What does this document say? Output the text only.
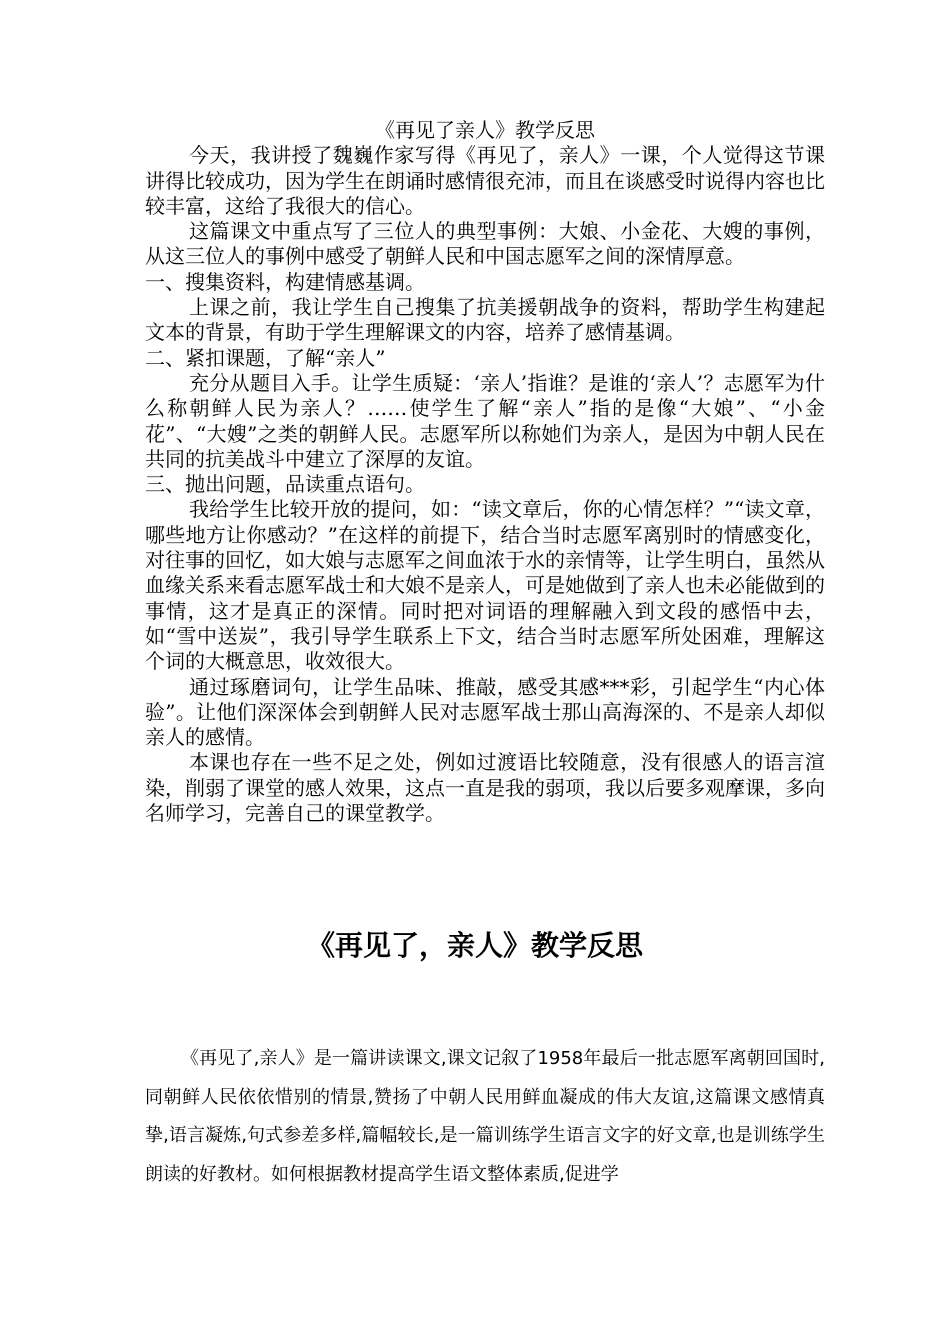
《再见了亲人》教学反思

今天，我讲授了魏巍作家写得《再见了，亲人》一课，个人觉得这节课讲得比较成功，因为学生在朗诵时感情很充沛，而且在谈感受时说得内容也比较丰富，这给了我很大的信心。

这篇课文中重点写了三位人的典型事例：大娘、小金花、大嫂的事例，从这三位人的事例中感受了朝鲜人民和中国志愿军之间的深情厚意。

一、搜集资料，构建情感基调。

上课之前，我让学生自己搜集了抗美援朝战争的资料，帮助学生构建起文本的背景，有助于学生理解课文的内容，培养了感情基调。

二、紧扣课题，了解“亲人”

充分从题目入手。让学生质疑：‘亲人’指谁？是谁的‘亲人’？志愿军为什么称朝鲜人民为亲人？……使学生了解“亲人”指的是像“大娘”、“小金花”、“大嫂”之类的朝鲜人民。志愿军所以称她们为亲人，是因为中朝人民在共同的抗美战斗中建立了深厚的友谊。

三、抛出问题，品读重点语句。

我给学生比较开放的提问，如：“读文章后，你的心情怎样？”“读文章，哪些地方让你感动？”在这样的前提下，结合当时志愿军离别时的情感变化，对往事的回忆，如大娘与志愿军之间血浓于水的亲情等，让学生明白，虽然从血缘关系来看志愿军战士和大娘不是亲人，可是她做到了亲人也未必能做到的事情，这才是真正的深情。同时把对词语的理解融入到文段的感悟中去，如“雪中送炭”，我引导学生联系上下文，结合当时志愿军所处困难，理解这个词的大概意思，收效很大。

通过琢磨词句，让学生品味、推敲，感受其感***彩，引起学生“内心体验”。让他们深深体会到朝鲜人民对志愿军战士那山高海深的、不是亲人却似亲人的感情。

本课也存在一些不足之处，例如过渡语比较随意，没有很感人的语言渲染，削弱了课堂的感人效果，这点一直是我的弱项，我以后要多观摩课，多向名师学习，完善自己的课堂教学。

《再见了，亲人》教学反思

《再见了,亲人》是一篇讲读课文,课文记叙了1958年最后一批志愿军离朝回国时,同朝鲜人民依依惜别的情景,赞扬了中朝人民用鲜血凝成的伟大友谊,这篇课文感情真挚,语言凝炼,句式参差多样,篇幅较长,是一篇训练学生语言文字的好文章,也是训练学生朗读的好教材。如何根据教材提高学生语文整体素质,促进学
